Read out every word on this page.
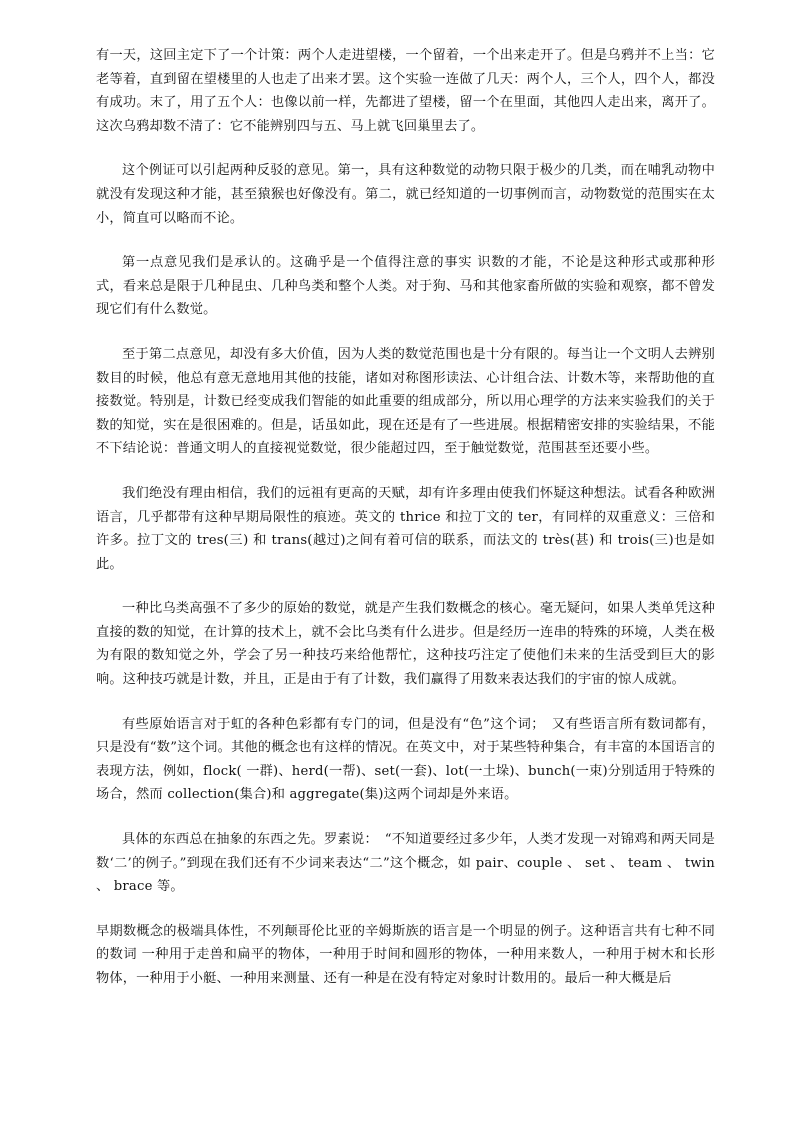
有一天，这回主定下了一个计策：两个人走进望楼，一个留着，一个出来走开了。但是乌鸦并不上当：它老等着，直到留在望楼里的人也走了出来才罢。这个实验一连做了几天：两个人，三个人，四个人，都没有成功。末了，用了五个人：也像以前一样，先都进了望楼，留一个在里面，其他四人走出来，离开了。这次乌鸦却数不清了：它不能辨别四与五、马上就飞回巢里去了。

这个例证可以引起两种反驳的意见。第一，具有这种数觉的动物只限于极少的几类，而在哺乳动物中就没有发现这种才能，甚至猿猴也好像没有。第二，就已经知道的一切事例而言，动物数觉的范围实在太小，简直可以略而不论。

第一点意见我们是承认的。这确乎是一个值得注意的事实 识数的才能，不论是这种形式或那种形式，看来总是限于几种昆虫、几种鸟类和整个人类。对于狗、马和其他家畜所做的实验和观察，都不曾发现它们有什么数觉。

至于第二点意见，却没有多大价值，因为人类的数觉范围也是十分有限的。每当让一个文明人去辨别数目的时候，他总有意无意地用其他的技能，诸如对称图形读法、心计组合法、计数木等，来帮助他的直接数觉。特别是，计数已经变成我们智能的如此重要的组成部分，所以用心理学的方法来实验我们的关于数的知觉，实在是很困难的。但是，话虽如此，现在还是有了一些进展。根据精密安排的实验结果，不能不下结论说：普通文明人的直接视觉数觉，很少能超过四，至于触觉数觉，范围甚至还要小些。

我们绝没有理由相信，我们的远祖有更高的天赋，却有许多理由使我们怀疑这种想法。试看各种欧洲语言，几乎都带有这种早期局限性的痕迹。英文的 thrice 和拉丁文的 ter，有同样的双重意义：三倍和许多。拉丁文的 tres(三) 和 trans(越过)之间有着可信的联系，而法文的 très(甚) 和 trois(三)也是如此。

一种比乌类高强不了多少的原始的数觉，就是产生我们数概念的核心。毫无疑问，如果人类单凭这种直接的数的知觉，在计算的技术上，就不会比乌类有什么进步。但是经历一连串的特殊的环境，人类在极为有限的数知觉之外，学会了另一种技巧来给他帮忙，这种技巧注定了使他们未来的生活受到巨大的影响。这种技巧就是计数，并且，正是由于有了计数，我们赢得了用数来表达我们的宇宙的惊人成就。

有些原始语言对于虹的各种色彩都有专门的词，但是没有“色”这个词；　又有些语言所有数词都有，只是没有“数”这个词。其他的概念也有这样的情况。在英文中，对于某些特种集合，有丰富的本国语言的表现方法，例如，flock( 一群)、herd(一帮)、set(一套)、lot(一土垛)、bunch(一束)分别适用于特殊的场合，然而 collection(集合)和 aggregate(集)这两个词却是外来语。

具体的东西总在抽象的东西之先。罗素说：　“不知道要经过多少年，人类才发现一对锦鸡和两天同是数‘二’的例子。”到现在我们还有不少词来表达“二”这个概念，如 pair、couple 、 set 、 team 、 twin 、 brace 等。

早期数概念的极端具体性，不列颠哥伦比亚的辛姆斯族的语言是一个明显的例子。这种语言共有七种不同的数词 一种用于走兽和扁平的物体，一种用于时间和圆形的物体，一种用来数人，一种用于树木和长形物体，一种用于小艇、一种用来测量、还有一种是在没有特定对象时计数用的。最后一种大概是后
